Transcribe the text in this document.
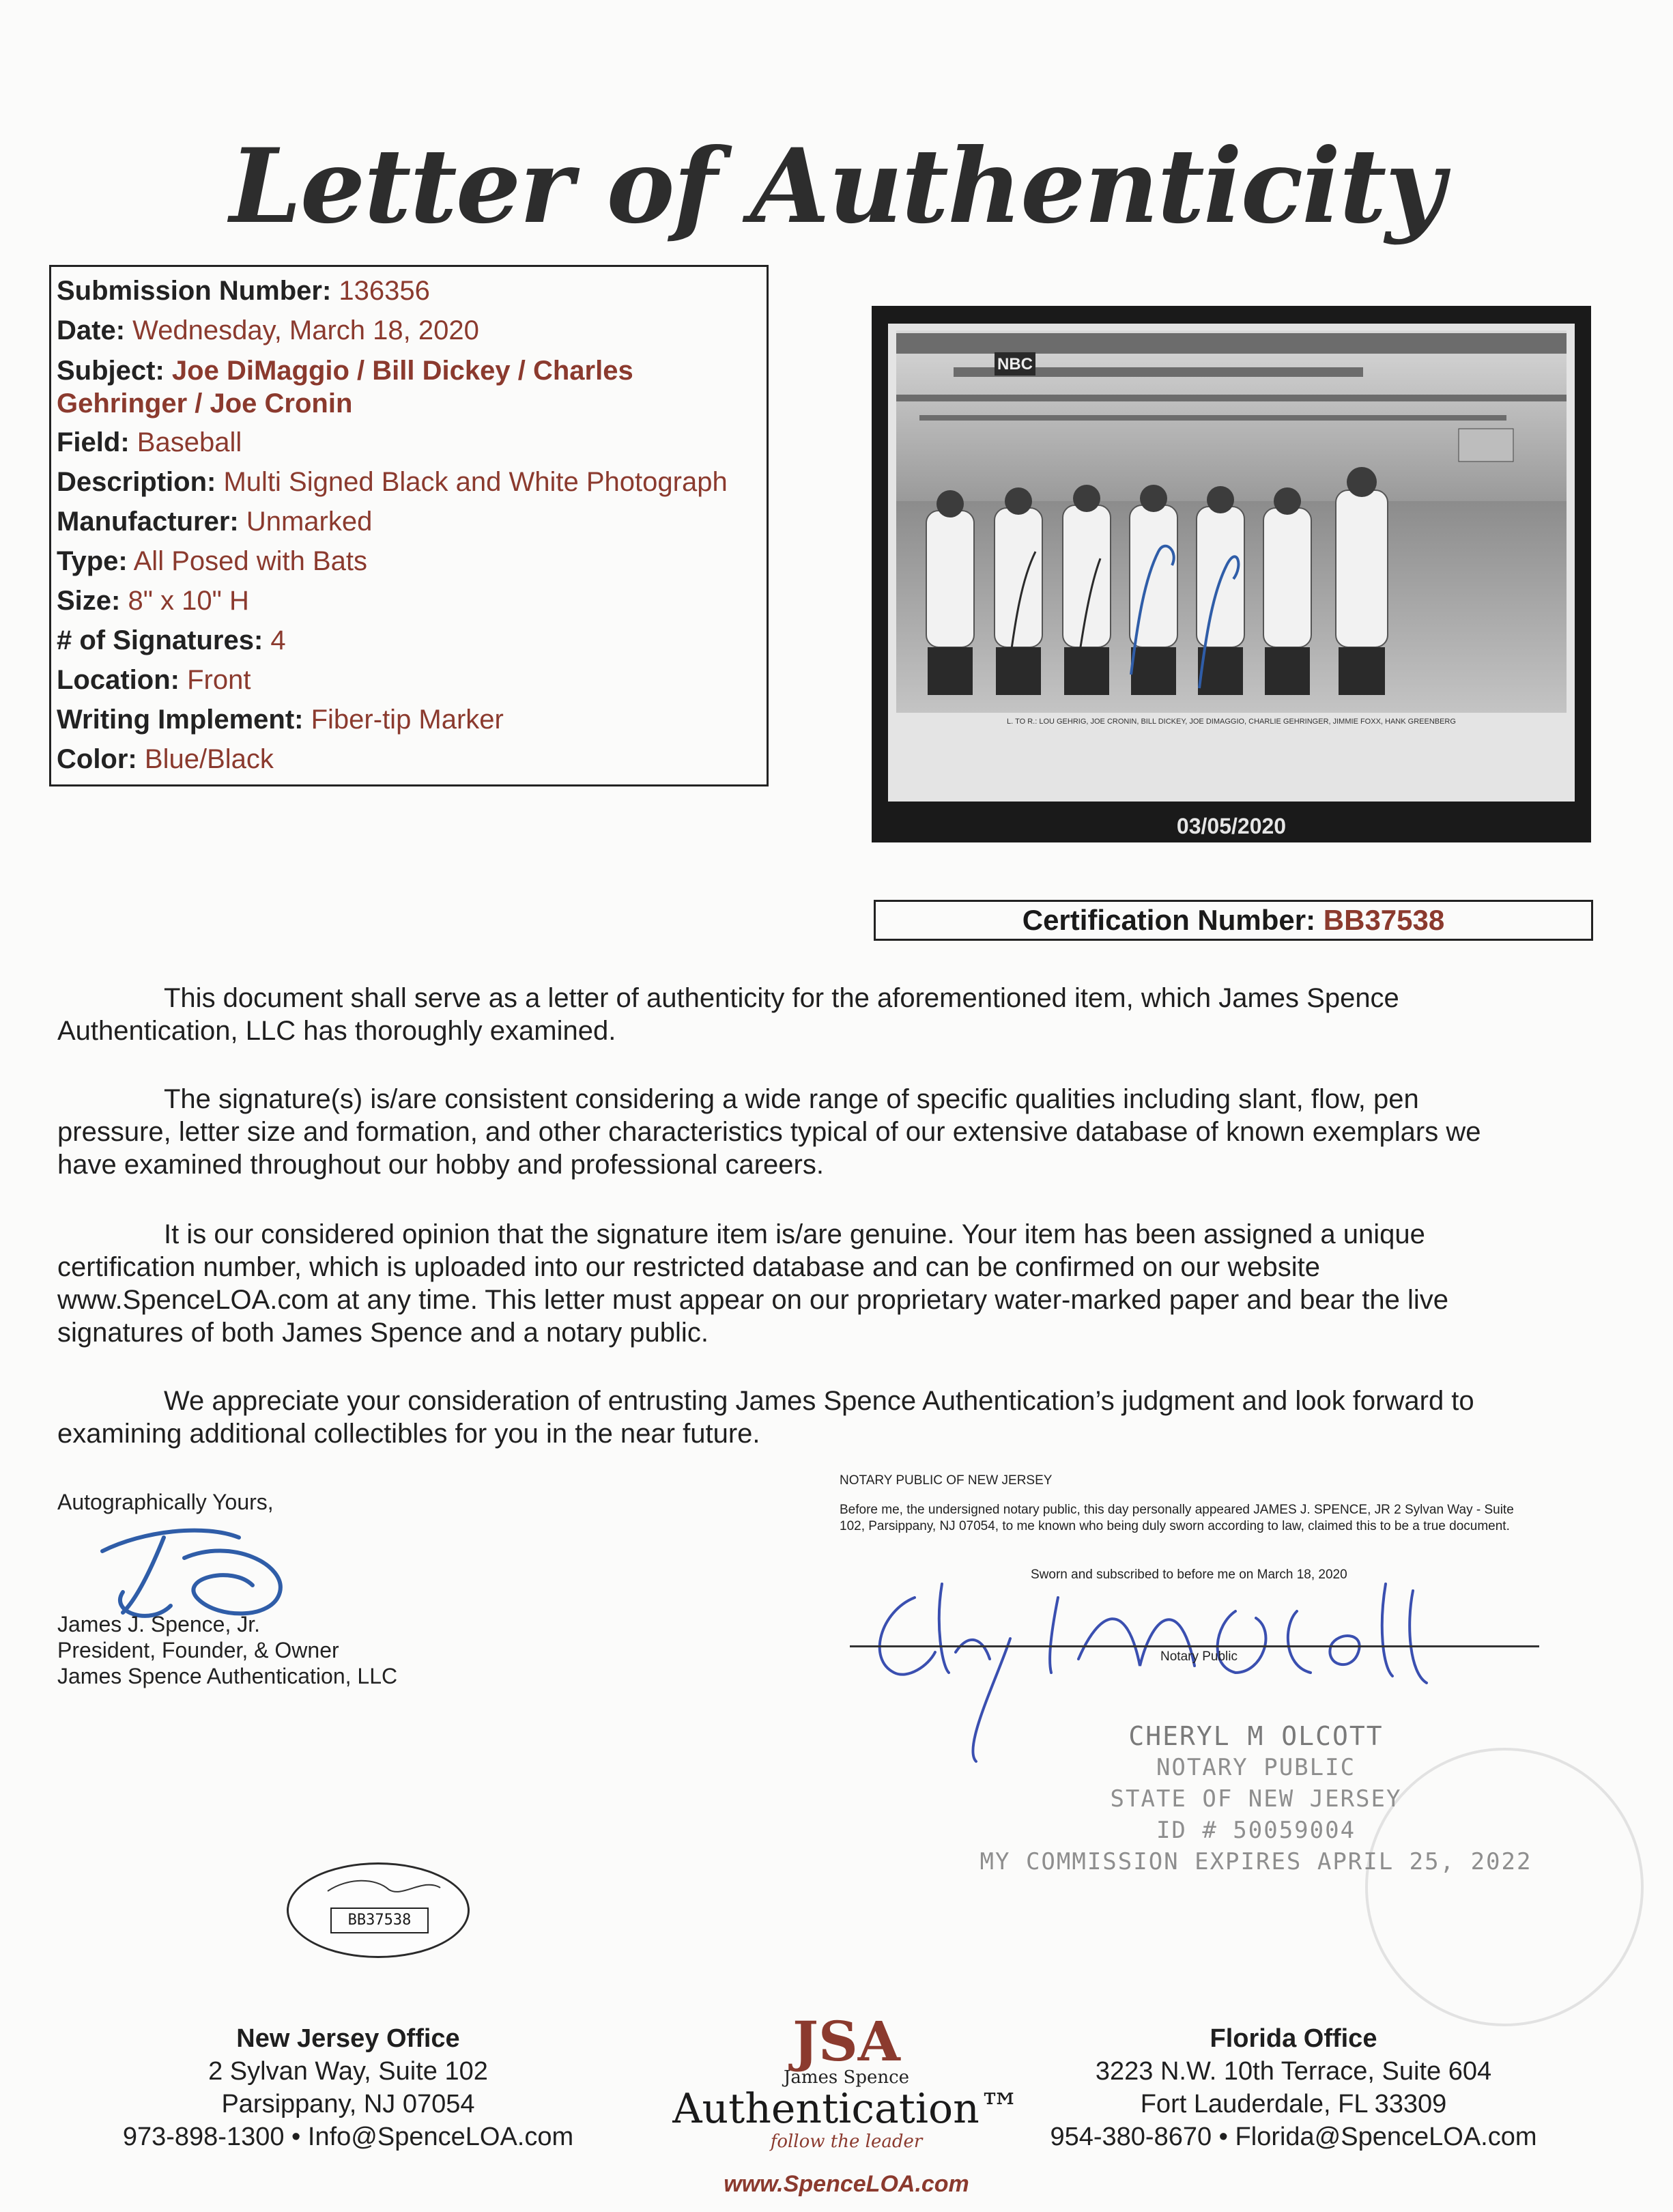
Letter of Authenticity
Submission Number: 136356
Date: Wednesday, March 18, 2020
Subject: Joe DiMaggio / Bill Dickey / Charles Gehringer / Joe Cronin
Field: Baseball
Description: Multi Signed Black and White Photograph
Manufacturer: Unmarked
Type: All Posed with Bats
Size: 8" x 10" H
# of Signatures: 4
Location: Front
Writing Implement: Fiber-tip Marker
Color: Blue/Black
NBC
L. TO R.: LOU GEHRIG, JOE CRONIN, BILL DICKEY, JOE DIMAGGIO, CHARLIE GEHRINGER, JIMMIE FOXX, HANK GREENBERG
03/05/2020
Certification Number: BB37538
This document shall serve as a letter of authenticity for the aforementioned item, which James Spence Authentication, LLC has thoroughly examined.
The signature(s) is/are consistent considering a wide range of specific qualities including slant, flow, pen pressure, letter size and formation, and other characteristics typical of our extensive database of known exemplars we have examined throughout our hobby and professional careers.
It is our considered opinion that the signature item is/are genuine. Your item has been assigned a unique certification number, which is uploaded into our restricted database and can be confirmed on our website www.SpenceLOA.com at any time. This letter must appear on our proprietary water-marked paper and bear the live signatures of both James Spence and a notary public.
We appreciate your consideration of entrusting James Spence Authentication’s judgment and look forward to examining additional collectibles for you in the near future.
Autographically Yours,
James J. Spence, Jr.
President, Founder, & Owner
James Spence Authentication, LLC
NOTARY PUBLIC OF NEW JERSEY
Before me, the undersigned notary public, this day personally appeared JAMES J. SPENCE, JR 2 Sylvan Way - Suite 102, Parsippany, NJ 07054, to me known who being duly sworn according to law, claimed this to be a true document.
Sworn and subscribed to before me on March 18, 2020
Notary Public
CHERYL M OLCOTT
NOTARY PUBLIC
STATE OF NEW JERSEY
ID # 50059004
MY COMMISSION EXPIRES APRIL 25, 2022
BB37538
New Jersey Office
2 Sylvan Way, Suite 102
Parsippany, NJ 07054
973-898-1300 • Info@SpenceLOA.com
JSA
James Spence
Authentication™
follow the leader
www.SpenceLOA.com
Florida Office
3223 N.W. 10th Terrace, Suite 604
Fort Lauderdale, FL 33309
954-380-8670 • Florida@SpenceLOA.com
